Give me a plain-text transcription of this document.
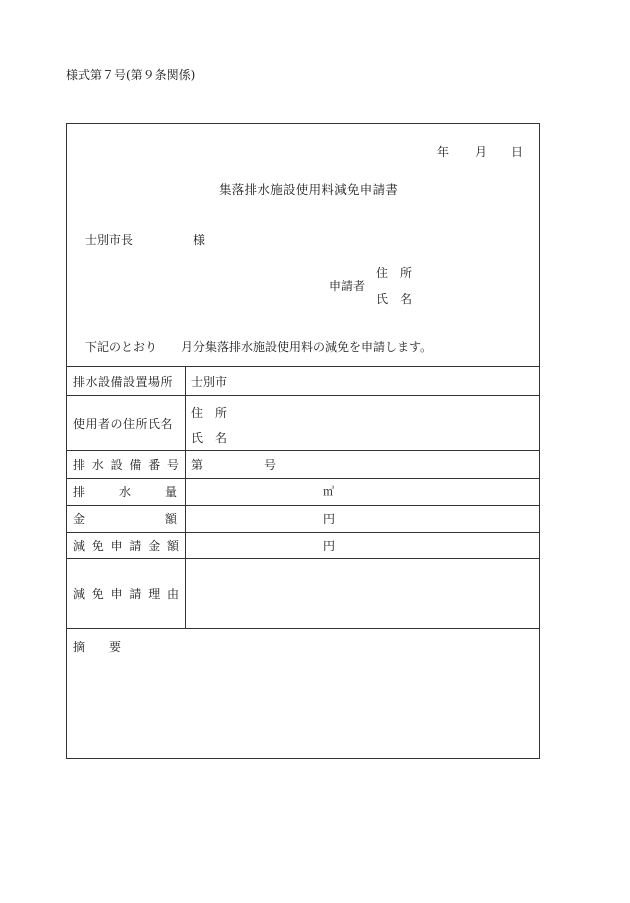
様式第７号(第９条関係)
年 月 日
集落排水施設使用料減免申請書
士別市長	様
申請者
住　所
氏　名
下記のとおり 月分集落排水施設使用料の減免を申請します。
排水設備設置場所	士別市
使用者の住所氏名
住　所
氏　名
排 水 設 備 番 号 第	号
排	水	量	㎥
金	額	円
減 免 申 請 金 額	円
減 免 申 請 理 由
摘　　要
